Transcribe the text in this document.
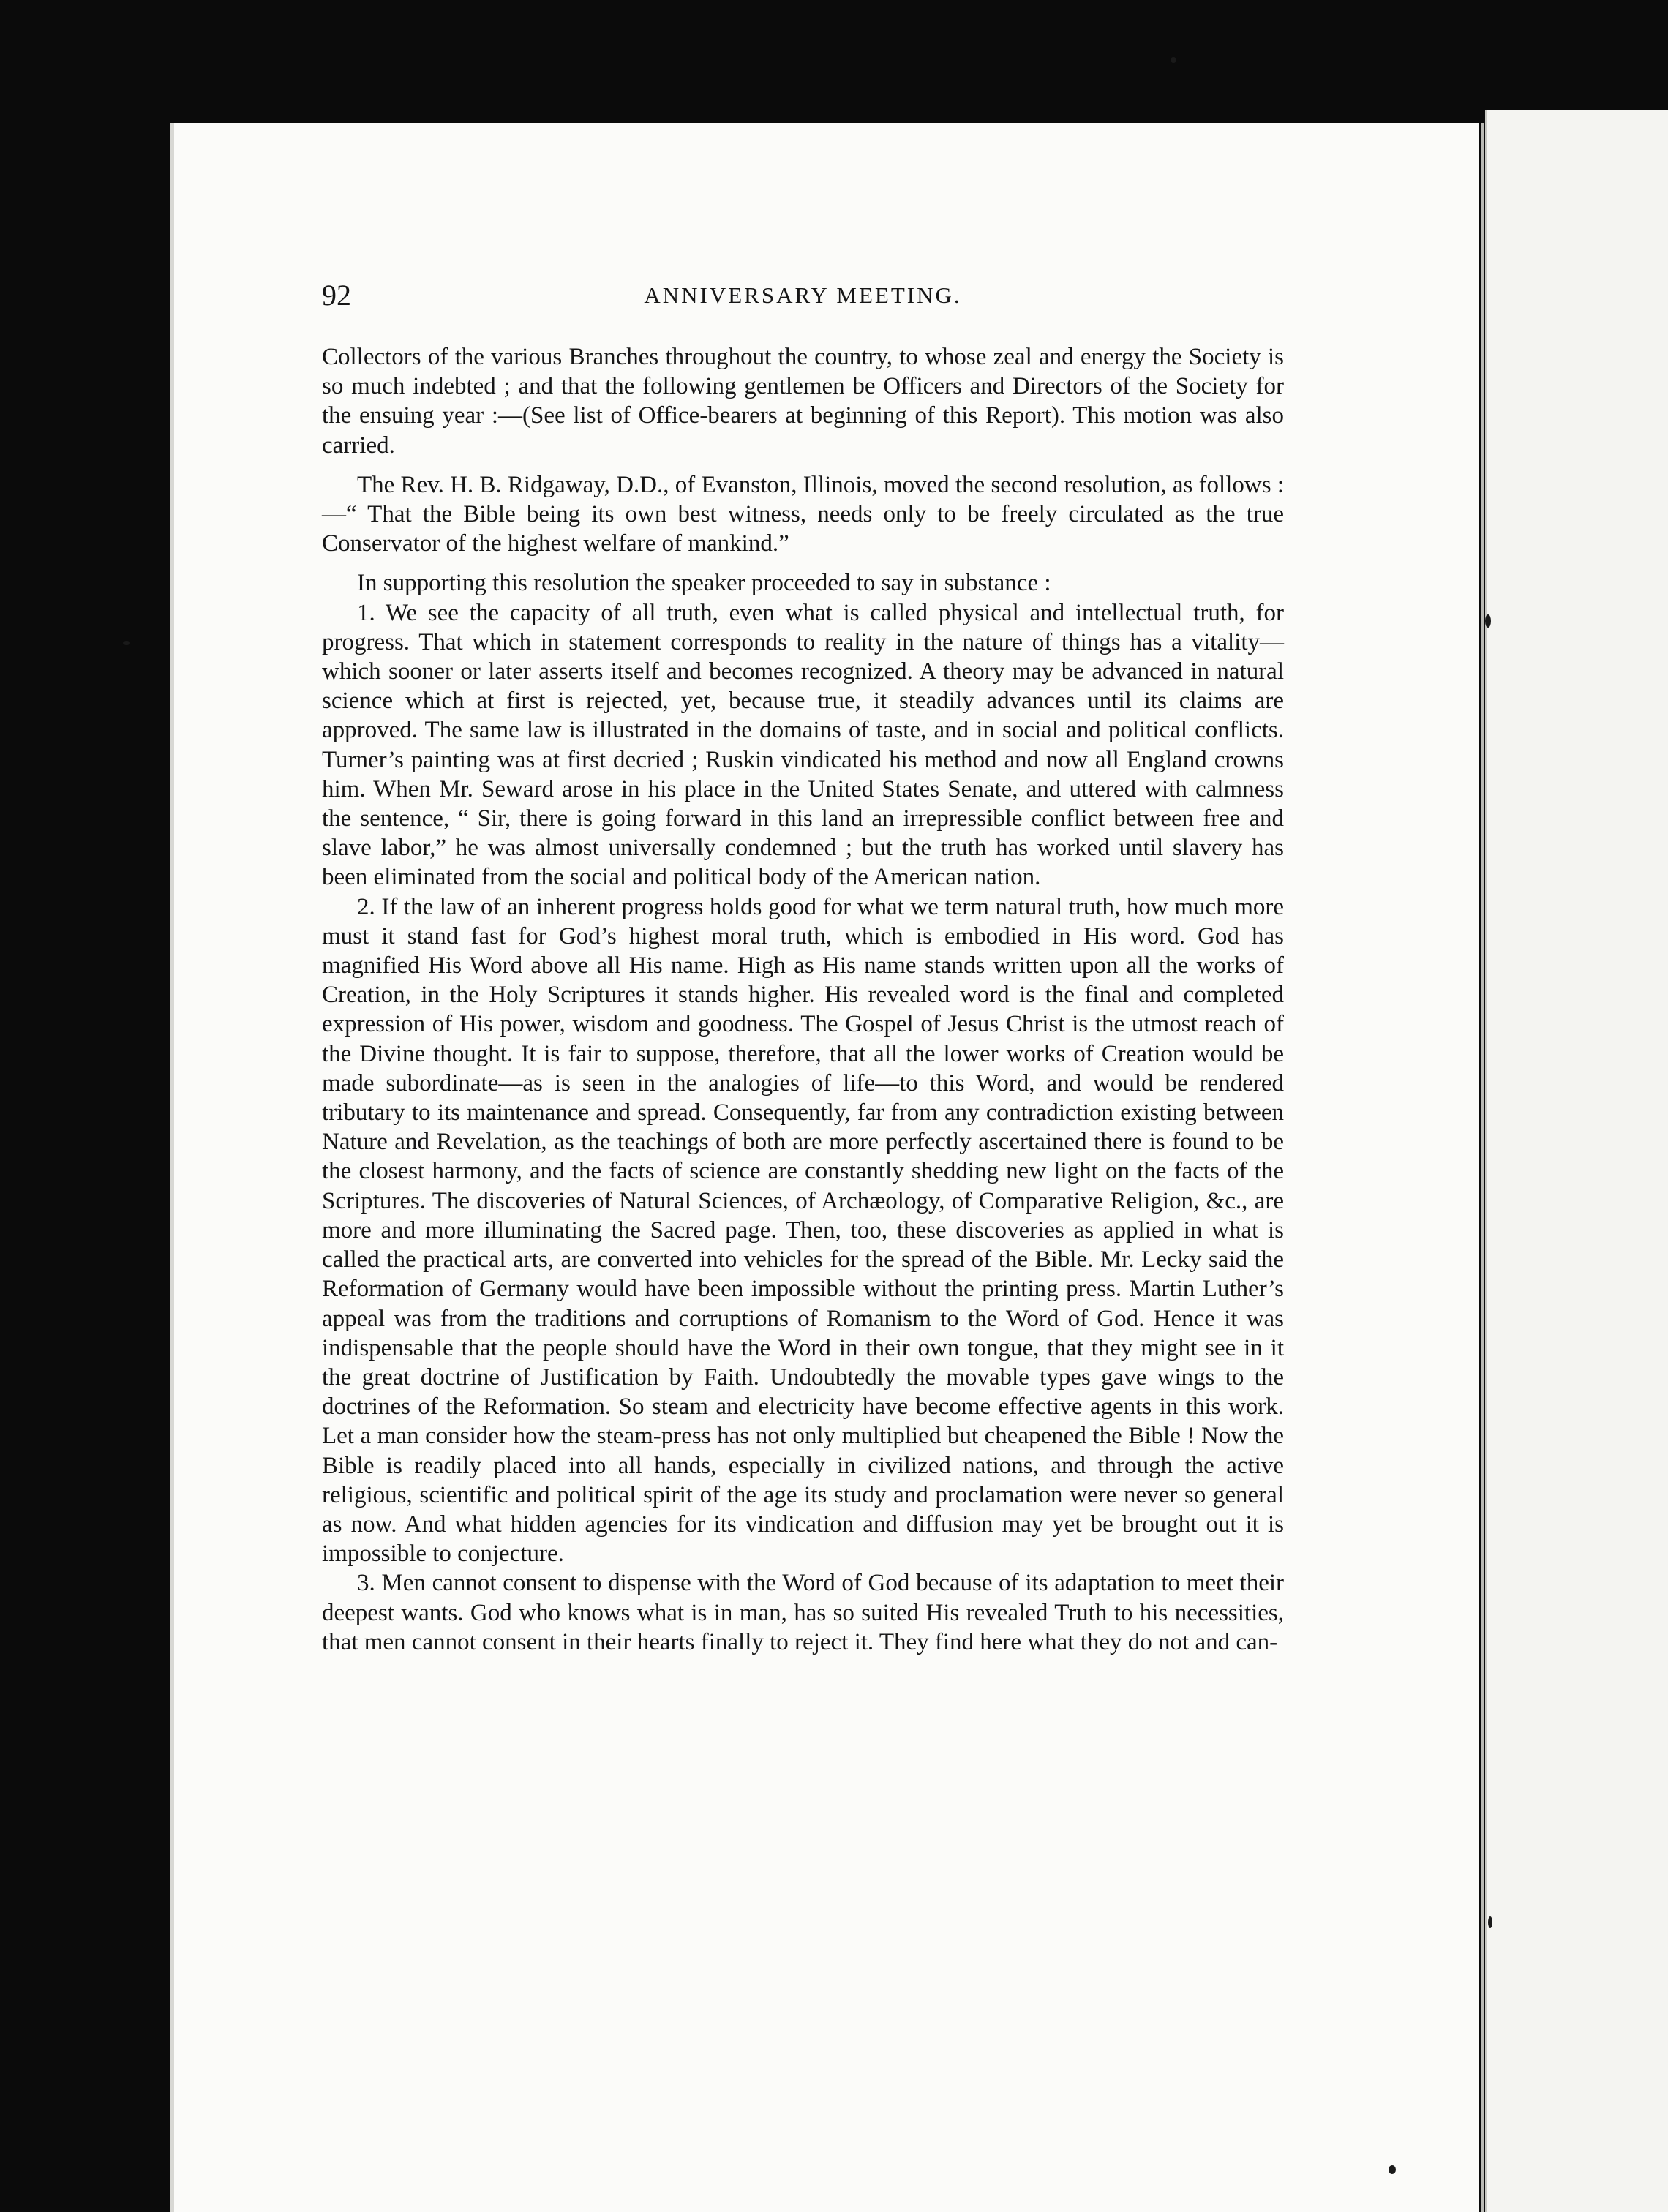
92	ANNIVERSARY MEETING.

Collectors of the various Branches throughout the country, to whose zeal and energy the Society is so much indebted ; and that the following gentlemen be Officers and Directors of the Society for the ensuing year :—(See list of Office-bearers at beginning of this Report). This motion was also carried.

The Rev. H. B. Ridgaway, D.D., of Evanston, Illinois, moved the second resolution, as follows :—“ That the Bible being its own best witness, needs only to be freely circulated as the true Conservator of the highest welfare of mankind.”

In supporting this resolution the speaker proceeded to say in substance :

1. We see the capacity of all truth, even what is called physical and intellectual truth, for progress. That which in statement corresponds to reality in the nature of things has a vitality—which sooner or later asserts itself and becomes recognized. A theory may be advanced in natural science which at first is rejected, yet, because true, it steadily advances until its claims are approved. The same law is illustrated in the domains of taste, and in social and political conflicts. Turner’s painting was at first decried ; Ruskin vindicated his method and now all England crowns him. When Mr. Seward arose in his place in the United States Senate, and uttered with calmness the sentence, “ Sir, there is going forward in this land an irrepressible conflict between free and slave labor,” he was almost universally condemned ; but the truth has worked until slavery has been eliminated from the social and political body of the American nation.

2. If the law of an inherent progress holds good for what we term natural truth, how much more must it stand fast for God’s highest moral truth, which is embodied in His word. God has magnified His Word above all His name. High as His name stands written upon all the works of Creation, in the Holy Scriptures it stands higher. His revealed word is the final and completed expression of His power, wisdom and goodness. The Gospel of Jesus Christ is the utmost reach of the Divine thought. It is fair to suppose, therefore, that all the lower works of Creation would be made subordinate—as is seen in the analogies of life—to this Word, and would be rendered tributary to its maintenance and spread. Consequently, far from any contradiction existing between Nature and Revelation, as the teachings of both are more perfectly ascertained there is found to be the closest harmony, and the facts of science are constantly shedding new light on the facts of the Scriptures. The discoveries of Natural Sciences, of Archæology, of Comparative Religion, &c., are more and more illuminating the Sacred page. Then, too, these discoveries as applied in what is called the practical arts, are converted into vehicles for the spread of the Bible. Mr. Lecky said the Reformation of Germany would have been impossible without the printing press. Martin Luther’s appeal was from the traditions and corruptions of Romanism to the Word of God. Hence it was indispensable that the people should have the Word in their own tongue, that they might see in it the great doctrine of Justification by Faith. Undoubtedly the movable types gave wings to the doctrines of the Reformation. So steam and electricity have become effective agents in this work. Let a man consider how the steam-press has not only multiplied but cheapened the Bible ! Now the Bible is readily placed into all hands, especially in civilized nations, and through the active religious, scientific and political spirit of the age its study and proclamation were never so general as now. And what hidden agencies for its vindication and diffusion may yet be brought out it is impossible to conjecture.

3. Men cannot consent to dispense with the Word of God because of its adaptation to meet their deepest wants. God who knows what is in man, has so suited His revealed Truth to his necessities, that men cannot consent in their hearts finally to reject it. They find here what they do not and can-
